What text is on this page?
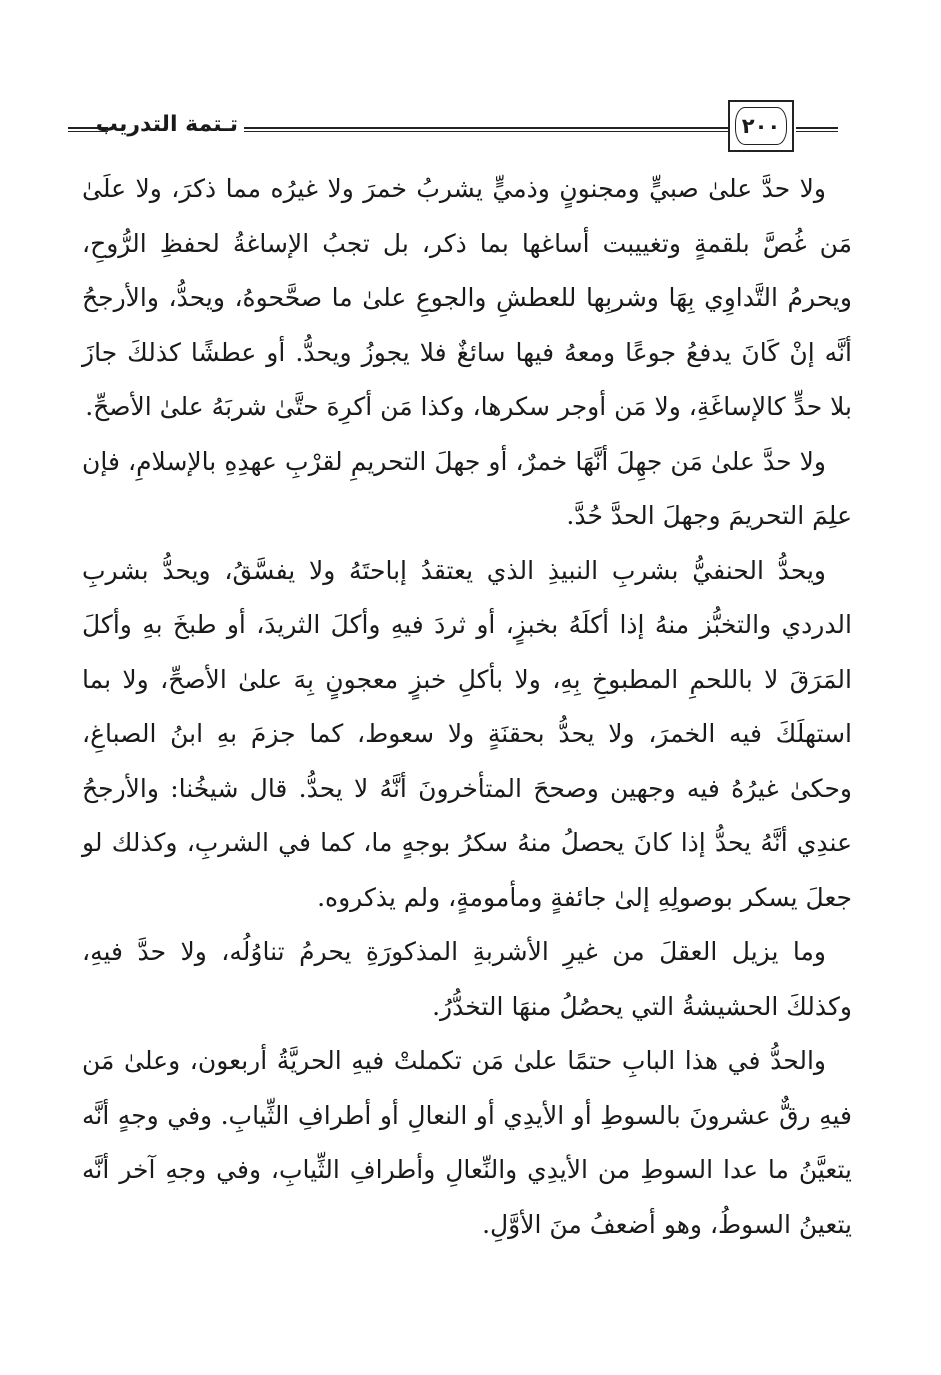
تـتمة التدريب	٢٠٠

ولا حدَّ علىٰ صبيٍّ ومجنونٍ وذميٍّ يشربُ خمرَ ولا غيرُه مما ذكرَ، ولا علَىٰ مَن غُصَّ بلقمةٍ وتغييبت أساغها بما ذكر، بل تجبُ الإساغةُ لحفظِ الرُّوحِ، ويحرمُ التَّداوِي بِهَا وشربِها للعطشِ والجوعِ علىٰ ما صحَّحوهُ، ويحدُّ، والأرجحُ أنَّه إنْ كَانَ يدفعُ جوعًا ومعهُ فيها سائغٌ فلا يجوزُ ويحدُّ. أو عطشًا كذلكَ جازَ بلا حدٍّ كالإساغَةِ، ولا مَن أوجر سكرها، وكذا مَن أكرِهَ حتَّىٰ شربَهُ علىٰ الأصحِّ.

ولا حدَّ علىٰ مَن جهِلَ أنَّهَا خمرٌ، أو جهلَ التحريمِ لقرْبِ عهدِهِ بالإسلامِ، فإن علِمَ التحريمَ وجهلَ الحدَّ حُدَّ.

ويحدُّ الحنفيُّ بشربِ النبيذِ الذي يعتقدُ إباحتَهُ ولا يفسَّقُ، ويحدُّ بشربِ الدردي والتخبُّز منهُ إذا أكلَهُ بخبزٍ، أو ثردَ فيهِ وأكلَ الثريدَ، أو طبخَ بهِ وأكلَ المَرَقَ لا باللحمِ المطبوخِ بِهِ، ولا بأكلِ خبزٍ معجونٍ بِهَ علىٰ الأصحِّ، ولا بما استهلَكَ فيه الخمرَ، ولا يحدُّ بحقنَةٍ ولا سعوط، كما جزمَ بهِ ابنُ الصباغِ، وحكىٰ غيرُهُ فيه وجهين وصححَ المتأخرونَ أنَّهُ لا يحدُّ. قال شيخُنا: والأرجحُ عندِي أنَّهُ يحدُّ إذا كانَ يحصلُ منهُ سكرُ بوجهٍ ما، كما في الشربِ، وكذلك لو جعلَ يسكر بوصولِهِ إلىٰ جائفةٍ ومأمومةٍ، ولم يذكروه.

وما يزيل العقلَ من غيرِ الأشربةِ المذكورَةِ يحرمُ تناوُلُه، ولا حدَّ فيهِ، وكذلكَ الحشيشةُ التي يحصُلُ منهَا التخدُّرُ.

والحدُّ في هذا البابِ حتمًا علىٰ مَن تكملتْ فيهِ الحريَّةُ أربعون، وعلىٰ مَن فيهِ رقٌّ عشرونَ بالسوطِ أو الأيدِي أو النعالِ أو أطرافِ الثِّيابِ. وفي وجهٍ أنَّه يتعيَّنُ ما عدا السوطِ من الأيدِي والنِّعالِ وأطرافِ الثِّيابِ، وفي وجهِ آخر أنَّه يتعينُ السوطُ، وهو أضعفُ منَ الأوَّلِ.
